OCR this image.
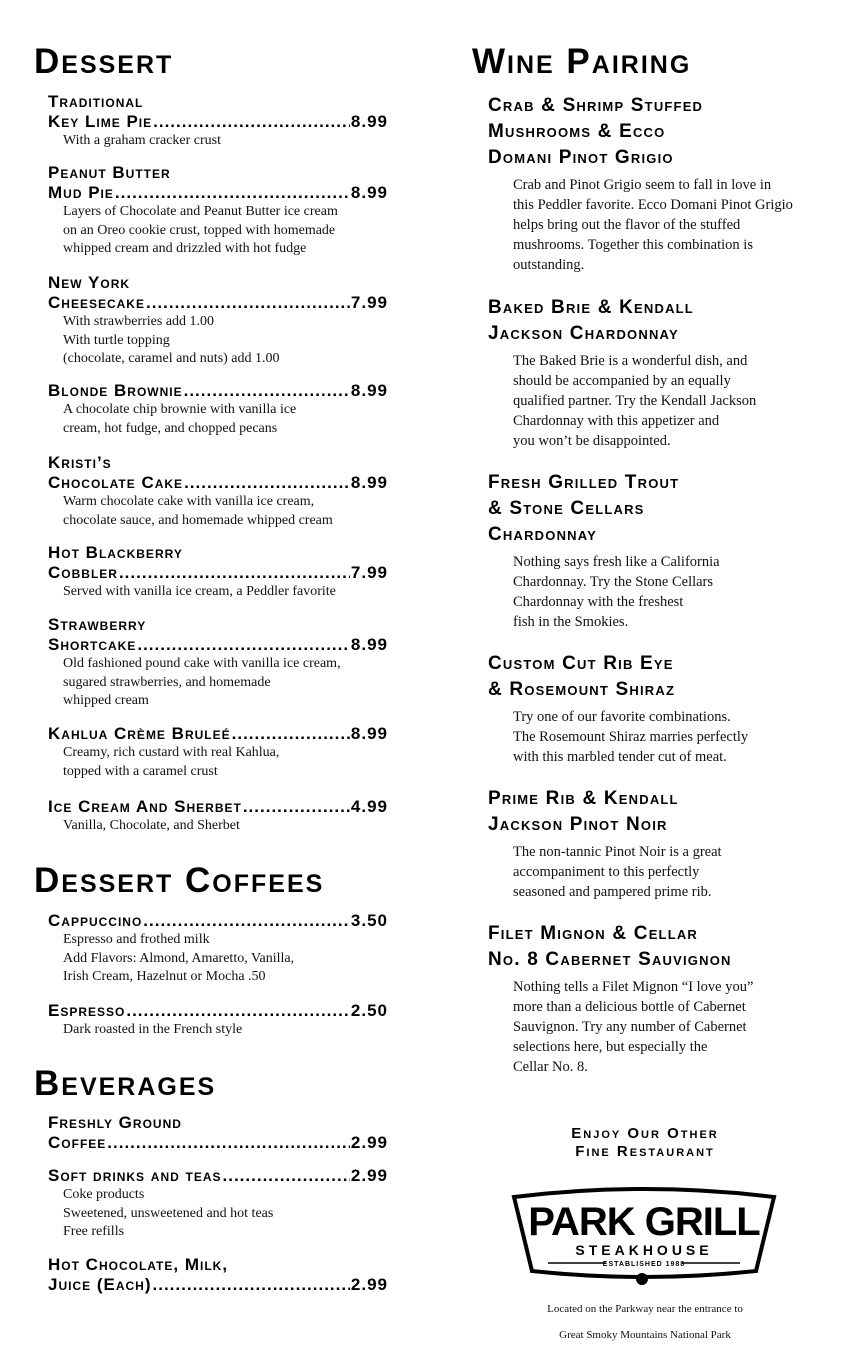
Dessert
Traditional
Key Lime Pie .....	8.99
With a graham cracker crust
Peanut Butter
Mud Pie .....	8.99
Layers of Chocolate and Peanut Butter ice cream
on an Oreo cookie crust, topped with homemade
whipped cream and drizzled with hot fudge
New York
Cheesecake .....	7.99
With strawberries add 1.00
With turtle topping
(chocolate, caramel and nuts) add 1.00
Blonde Brownie .....	8.99
A chocolate chip brownie with vanilla ice
cream, hot fudge, and chopped pecans
Kristi’s
Chocolate Cake .....	8.99
Warm chocolate cake with vanilla ice cream,
chocolate sauce, and homemade whipped cream
Hot Blackberry
Cobbler .....	7.99
Served with vanilla ice cream, a Peddler favorite
Strawberry
Shortcake .....	8.99
Old fashioned pound cake with vanilla ice cream,
sugared strawberries, and homemade
whipped cream
Kahlua Crème Bruleé .....	8.99
Creamy, rich custard with real Kahlua,
topped with a caramel crust
Ice Cream And Sherbet .....	4.99
Vanilla, Chocolate, and Sherbet
Dessert Coffees
Cappuccino .....	3.50
Espresso and frothed milk
Add Flavors: Almond, Amaretto, Vanilla,
Irish Cream, Hazelnut or Mocha .50
Espresso .....	2.50
Dark roasted in the French style
Beverages
Freshly Ground
Coffee .....	2.99
Soft drinks and teas .....	2.99
Coke products
Sweetened, unsweetened and hot teas
Free refills
Hot Chocolate, Milk,
Juice (Each) .....	2.99
Wine Pairing
Crab & Shrimp Stuffed
Mushrooms & Ecco
Domani Pinot Grigio
Crab and Pinot Grigio seem to fall in love in
this Peddler favorite. Ecco Domani Pinot Grigio
helps bring out the flavor of the stuffed
mushrooms. Together this combination is
outstanding.
Baked Brie & Kendall
Jackson Chardonnay
The Baked Brie is a wonderful dish, and
should be accompanied by an equally
qualified partner. Try the Kendall Jackson
Chardonnay with this appetizer and
you won’t be disappointed.
Fresh Grilled Trout
& Stone Cellars
Chardonnay
Nothing says fresh like a California
Chardonnay. Try the Stone Cellars
Chardonnay with the freshest
fish in the Smokies.
Custom Cut Rib Eye
& Rosemount Shiraz
Try one of our favorite combinations.
The Rosemount Shiraz marries perfectly
with this marbled tender cut of meat.
Prime Rib & Kendall
Jackson Pinot Noir
The non-tannic Pinot Noir is a great
accompaniment to this perfectly
seasoned and pampered prime rib.
Filet Mignon & Cellar
No. 8 Cabernet Sauvignon
Nothing tells a Filet Mignon “I love you”
more than a delicious bottle of Cabernet
Sauvignon. Try any number of Cabernet
selections here, but especially the
Cellar No. 8.
Enjoy Our Other
Fine Restaurant
PARK GRILL
STEAKHOUSE
ESTABLISHED 1988
Located on the Parkway near the entrance to
Great Smoky Mountains National Park
